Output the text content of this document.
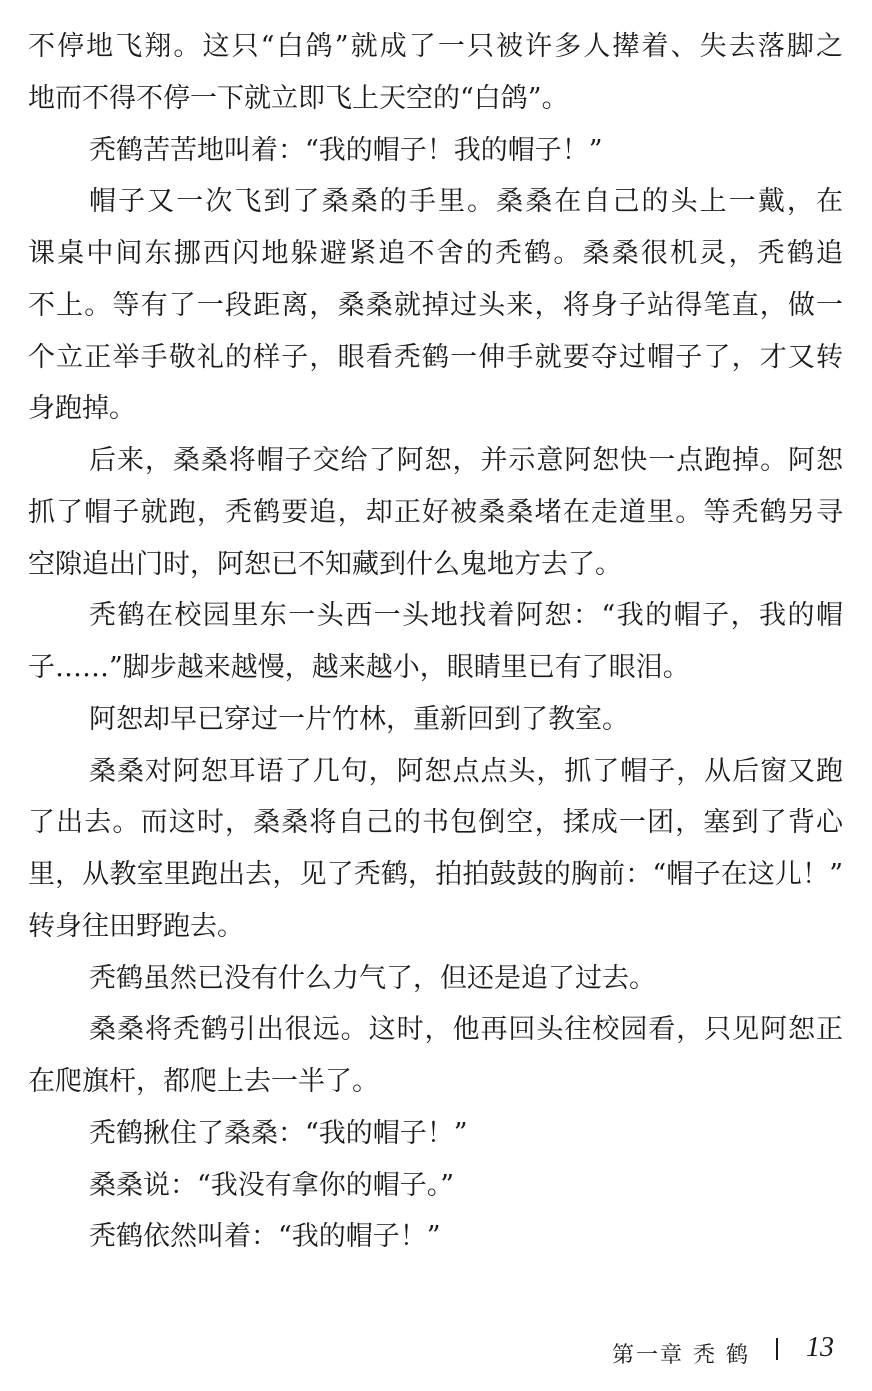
不停地飞翔。这只“白鸽”就成了一只被许多人撵着、失去落脚之
地而不得不停一下就立即飞上天空的“白鸽”。
秃鹤苦苦地叫着：“我的帽子！我的帽子！”
帽子又一次飞到了桑桑的手里。桑桑在自己的头上一戴，在
课桌中间东挪西闪地躲避紧追不舍的秃鹤。桑桑很机灵，秃鹤追
不上。等有了一段距离，桑桑就掉过头来，将身子站得笔直，做一
个立正举手敬礼的样子，眼看秃鹤一伸手就要夺过帽子了，才又转
身跑掉。
后来，桑桑将帽子交给了阿恕，并示意阿恕快一点跑掉。阿恕
抓了帽子就跑，秃鹤要追，却正好被桑桑堵在走道里。等秃鹤另寻
空隙追出门时，阿恕已不知藏到什么鬼地方去了。
秃鹤在校园里东一头西一头地找着阿恕：“我的帽子，我的帽
子……”脚步越来越慢，越来越小，眼睛里已有了眼泪。
阿恕却早已穿过一片竹林，重新回到了教室。
桑桑对阿恕耳语了几句，阿恕点点头，抓了帽子，从后窗又跑
了出去。而这时，桑桑将自己的书包倒空，揉成一团，塞到了背心
里，从教室里跑出去，见了秃鹤，拍拍鼓鼓的胸前：“帽子在这儿！”
转身往田野跑去。
秃鹤虽然已没有什么力气了，但还是追了过去。
桑桑将秃鹤引出很远。这时，他再回头往校园看，只见阿恕正
在爬旗杆，都爬上去一半了。
秃鹤揪住了桑桑：“我的帽子！”
桑桑说：“我没有拿你的帽子。”
秃鹤依然叫着：“我的帽子！”
第一章 秃 鹤 13
